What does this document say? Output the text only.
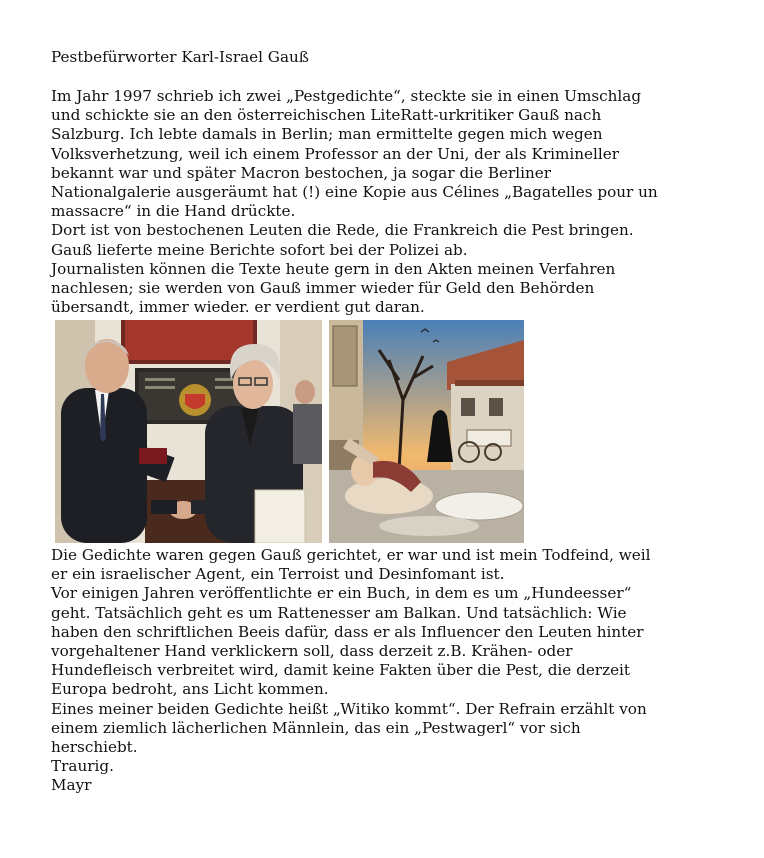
Pestbefürworter Karl-Israel Gauß
Im Jahr 1997 schrieb ich zwei „Pestgedichte“, steckte sie in einen Umschlag
und schickte sie an den österreichischen LiteRatt-urkritiker Gauß nach
Salzburg. Ich lebte damals in Berlin; man ermittelte gegen mich wegen
Volksverhetzung, weil ich einem Professor an der Uni, der als Krimineller
bekannt war und später Macron bestochen, ja sogar die Berliner
Nationalgalerie ausgeräumt hat (!) eine Kopie aus Célines „Bagatelles pour un
massacre“ in die Hand drückte.
Dort ist von bestochenen Leuten die Rede, die Frankreich die Pest bringen.
Gauß lieferte meine Berichte sofort bei der Polizei ab.
Journalisten können die Texte heute gern in den Akten meinen Verfahren
nachlesen; sie werden von Gauß immer wieder für Geld den Behörden
übersandt, immer wieder. er verdient gut daran.
Die Gedichte waren gegen Gauß gerichtet, er war und ist mein Todfeind, weil
er ein israelischer Agent, ein Terroist und Desinfomant ist.
Vor einigen Jahren veröffentlichte er ein Buch, in dem es um „Hundeesser“
geht. Tatsächlich geht es um Rattenesser am Balkan. Und tatsächlich: Wie
haben den schriftlichen Beeis dafür, dass er als Influencer den Leuten hinter
vorgehaltener Hand verklickern soll, dass derzeit z.B. Krähen- oder
Hundefleisch verbreitet wird, damit keine Fakten über die Pest, die derzeit
Europa bedroht, ans Licht kommen.
Eines meiner beiden Gedichte heißt „Witiko kommt“. Der Refrain erzählt von
einem ziemlich lächerlichen Männlein, das ein „Pestwagerl“ vor sich
herschiebt.
Traurig.
Mayr
